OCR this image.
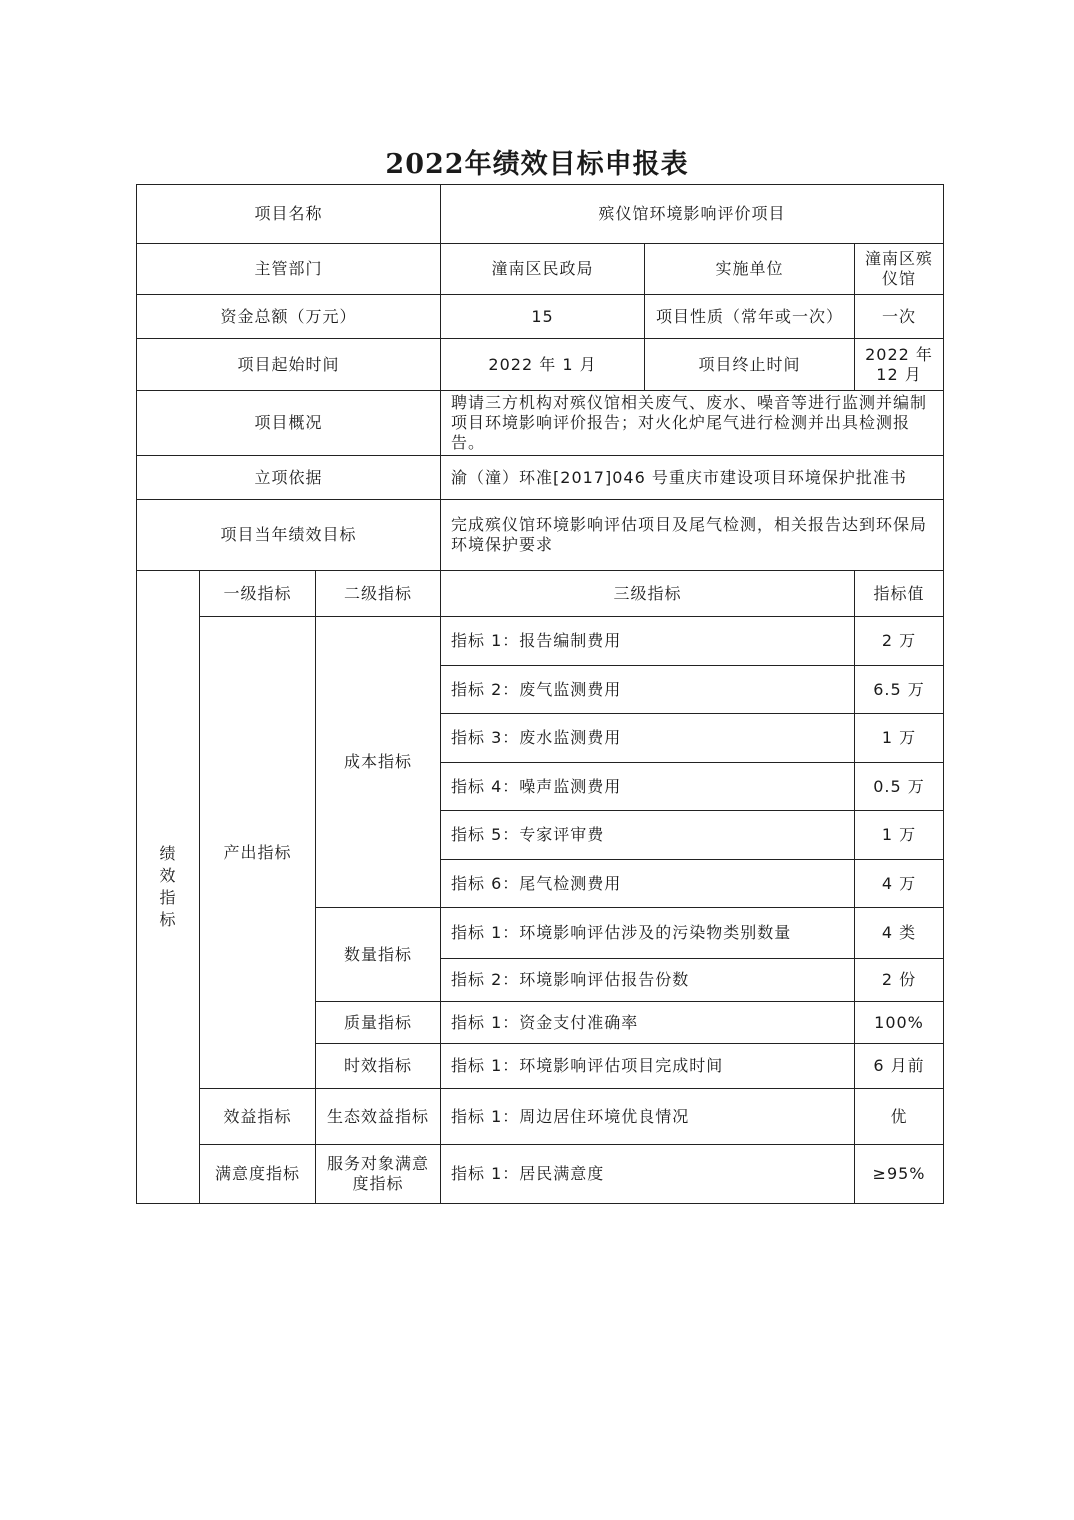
2022年绩效目标申报表
项目名称			殡仪馆环境影响评价项目		
主管部门			潼南区民政局	实施单位	潼南区殡仪馆
资金总额（万元）			15	项目性质（常年或一次）	一次
项目起始时间			2022 年 1 月	项目终止时间	2022 年 12 月
项目概况			聘请三方机构对殡仪馆相关废气、废水、噪音等进行监测并编制项目环境影响评价报告；对火化炉尾气进行检测并出具检测报告。		
立项依据			渝（潼）环准[2017]046 号重庆市建设项目环境保护批准书		
项目当年绩效目标			完成殡仪馆环境影响评估项目及尾气检测，相关报告达到环保局环境保护要求		
绩效指标	一级指标	二级指标	三级指标		指标值
	产出指标	成本指标	指标 1：报告编制费用		2 万
			指标 2：废气监测费用		6.5 万
			指标 3：废水监测费用		1 万
			指标 4：噪声监测费用		0.5 万
			指标 5：专家评审费		1 万
			指标 6：尾气检测费用		4 万
		数量指标	指标 1：环境影响评估涉及的污染物类别数量		4 类
			指标 2：环境影响评估报告份数		2 份
		质量指标	指标 1：资金支付准确率		100%
		时效指标	指标 1：环境影响评估项目完成时间		6 月前
	效益指标	生态效益指标	指标 1：周边居住环境优良情况		优
	满意度指标	服务对象满意度指标	指标 1：居民满意度		≥95%
